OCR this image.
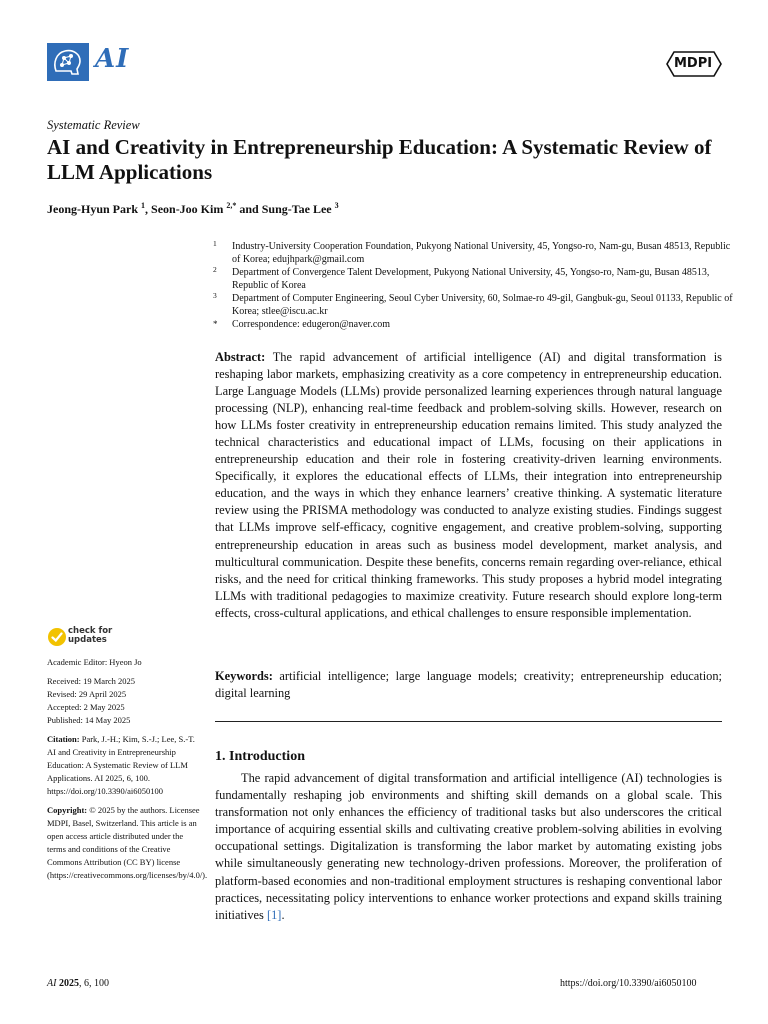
AI	MDPI
Systematic Review
AI and Creativity in Entrepreneurship Education: A Systematic Review of LLM Applications
Jeong-Hyun Park $^1$, Seon-Joo Kim $^{2,*}$ and Sung-Tae Lee $^3$

1 Industry-University Cooperation Foundation, Pukyong National University, 45, Yongso-ro, Nam-gu, Busan 48513, Republic of Korea; edujhpark@gmail.com

2 Department of Convergence Talent Development, Pukyong National University, 45, Yongso-ro, Nam-gu, Busan 48513, Republic of Korea

3 Department of Computer Engineering, Seoul Cyber University, 60, Solmae-ro 49-gil, Gangbuk-gu, Seoul 01133, Republic of Korea; stlee@iscu.ac.kr

* Correspondence: edugeron@naver.com

Abstract: The rapid advancement of artificial intelligence (AI) and digital transformation is reshaping labor markets, emphasizing creativity as a core competency in entrepreneurship education. Large Language Models (LLMs) provide personalized learning experiences through natural language processing (NLP), enhancing real-time feedback and problem-solving skills. However, research on how LLMs foster creativity in entrepreneurship education remains limited. This study analyzed the technical characteristics and educational impact of LLMs, focusing on their applications in entrepreneurship education and their role in fostering creativity-driven learning environments. Specifically, it explores the educational effects of LLMs, their integration into entrepreneurship education, and the ways in which they enhance learners’ creative thinking. A systematic literature review using the PRISMA methodology was conducted to analyze existing studies. Findings suggest that LLMs improve self-efficacy, cognitive engagement, and creative problem-solving, supporting entrepreneurship education in areas such as business model development, market analysis, and multicultural communication. Despite these benefits, concerns remain regarding over-reliance, ethical risks, and the need for critical thinking frameworks. This study proposes a hybrid model integrating LLMs with traditional pedagogies to maximize creativity. Future research should explore long-term effects, cross-cultural applications, and ethical challenges to ensure responsible implementation.
Keywords: artificial intelligence; large language models; creativity; entrepreneurship education; digital learning
1. Introduction
The rapid advancement of digital transformation and artificial intelligence (AI) technologies is fundamentally reshaping job environments and shifting skill demands on a global scale. This transformation not only enhances the efficiency of traditional tasks but also underscores the critical importance of acquiring essential skills and cultivating creative problem-solving abilities in evolving occupational settings. Digitalization is transforming the labor market by automating existing jobs while simultaneously generating new technology-driven professions. Moreover, the proliferation of platform-based economies and non-traditional employment structures is reshaping conventional labor practices, necessitating policy interventions to enhance worker protections and expand skills training initiatives [1].
check for
updates

Academic Editor: Hyeon Jo

Received: 19 March 2025

Revised: 29 April 2025

Accepted: 2 May 2025

Published: 14 May 2025

Citation: Park, J.-H.; Kim, S.-J.; Lee, S.-T. AI and Creativity in Entrepreneurship Education: A Systematic Review of LLM Applications. AI 2025, 6, 100. https://doi.org/10.3390/ai6050100

Copyright: © 2025 by the authors. Licensee MDPI, Basel, Switzerland. This article is an open access article distributed under the terms and conditions of the Creative Commons Attribution (CC BY) license (https://creativecommons.org/licenses/by/4.0/).

AI 2025, 6, 100	https://doi.org/10.3390/ai6050100
